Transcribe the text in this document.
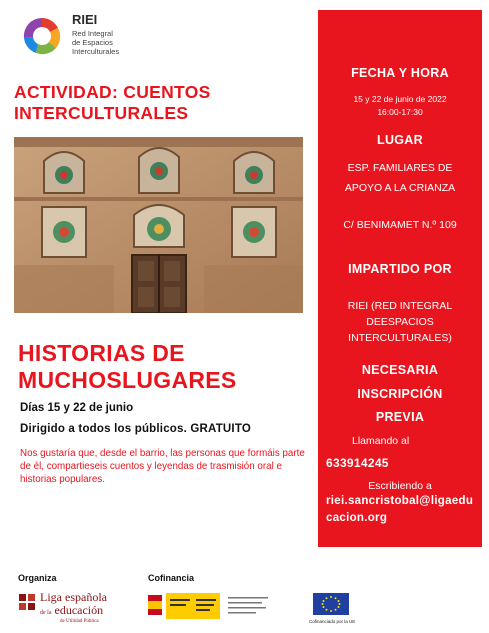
RIEI
Red Integral
de Espacios
Interculturales
ACTIVIDAD: CUENTOS
INTERCULTURALES
HISTORIAS DE
MUCHOSLUGARES
Días 15 y 22 de junio
Dirigido a todos los públicos. GRATUITO
Nos gustaría que, desde el barrio, las personas que formáis parte de él, compartieseis cuentos y leyendas de trasmisión oral e historias populares.
FECHA Y HORA
15 y 22 de junio de 2022
16:00-17:30
LUGAR
ESP. FAMILIARES DE
APOYO A LA CRIANZA
C/ BENIMAMET N.º 109
IMPARTIDO POR
RIEI (RED INTEGRAL
DEESPACIOS
INTERCULTURALES)
NECESARIA
INSCRIPCIÓN
PREVIA
Llamando al
633914245
Escribiendo a
riei.sancristobal@ligaedu
cacion.org
Organiza	Cofinancia
Liga española
de la educación
de Utilidad Pública	Cofinanciado por la UE
